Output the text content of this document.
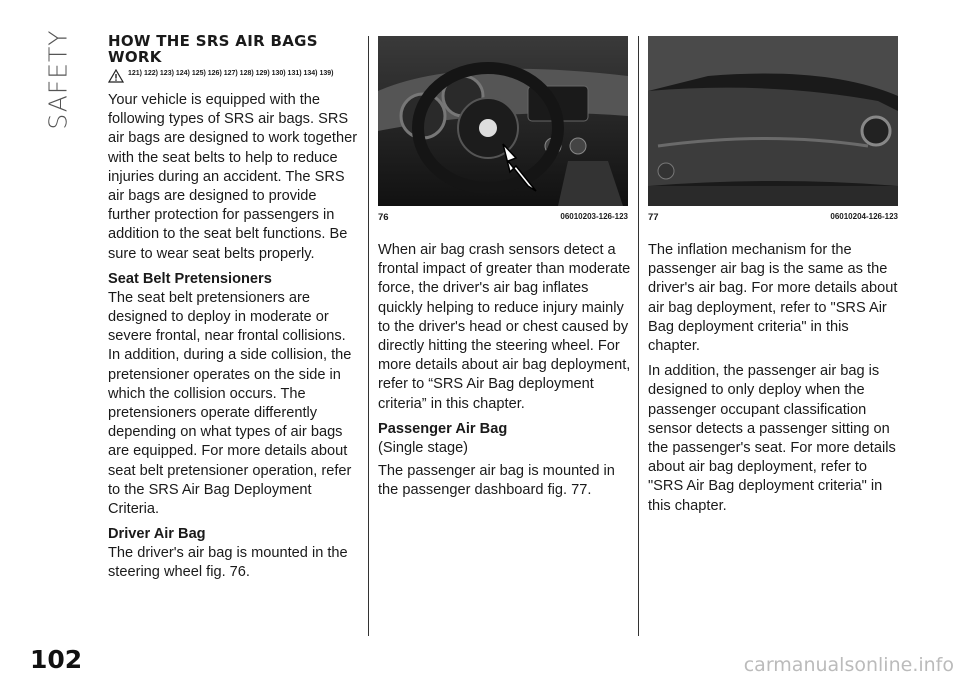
SAFETY HOW THE SRS AIR BAGS WORK
121) 122) 123) 124) 125) 126) 127) 128) 129) 130) 131) 134) 139)

Your vehicle is equipped with the following types of SRS air bags. SRS air bags are designed to work together with the seat belts to help to reduce injuries during an accident. The SRS air bags are designed to provide further protection for passengers in addition to the seat belt functions. Be sure to wear seat belts properly.

Seat Belt Pretensioners

The seat belt pretensioners are designed to deploy in moderate or severe frontal, near frontal collisions. In addition, during a side collision, the pretensioner operates on the side in which the collision occurs. The pretensioners operate differently depending on what types of air bags are equipped. For more details about seat belt pretensioner operation, refer to the SRS Air Bag Deployment Criteria.

Driver Air Bag

The driver's air bag is mounted in the steering wheel fig. 76.

76	06010203-126-123

When air bag crash sensors detect a frontal impact of greater than moderate force, the driver's air bag inflates quickly helping to reduce injury mainly to the driver's head or chest caused by directly hitting the steering wheel. For more details about air bag deployment, refer to “SRS Air Bag deployment criteria” in this chapter.

Passenger Air Bag

(Single stage)

The passenger air bag is mounted in the passenger dashboard fig. 77.

77	06010204-126-123

The inflation mechanism for the passenger air bag is the same as the driver's air bag. For more details about air bag deployment, refer to "SRS Air Bag deployment criteria" in this chapter.

In addition, the passenger air bag is designed to only deploy when the passenger occupant classification sensor detects a passenger sitting on the passenger's seat. For more details about air bag deployment, refer to "SRS Air Bag deployment criteria" in this chapter.

102	carmanualsonline.info
